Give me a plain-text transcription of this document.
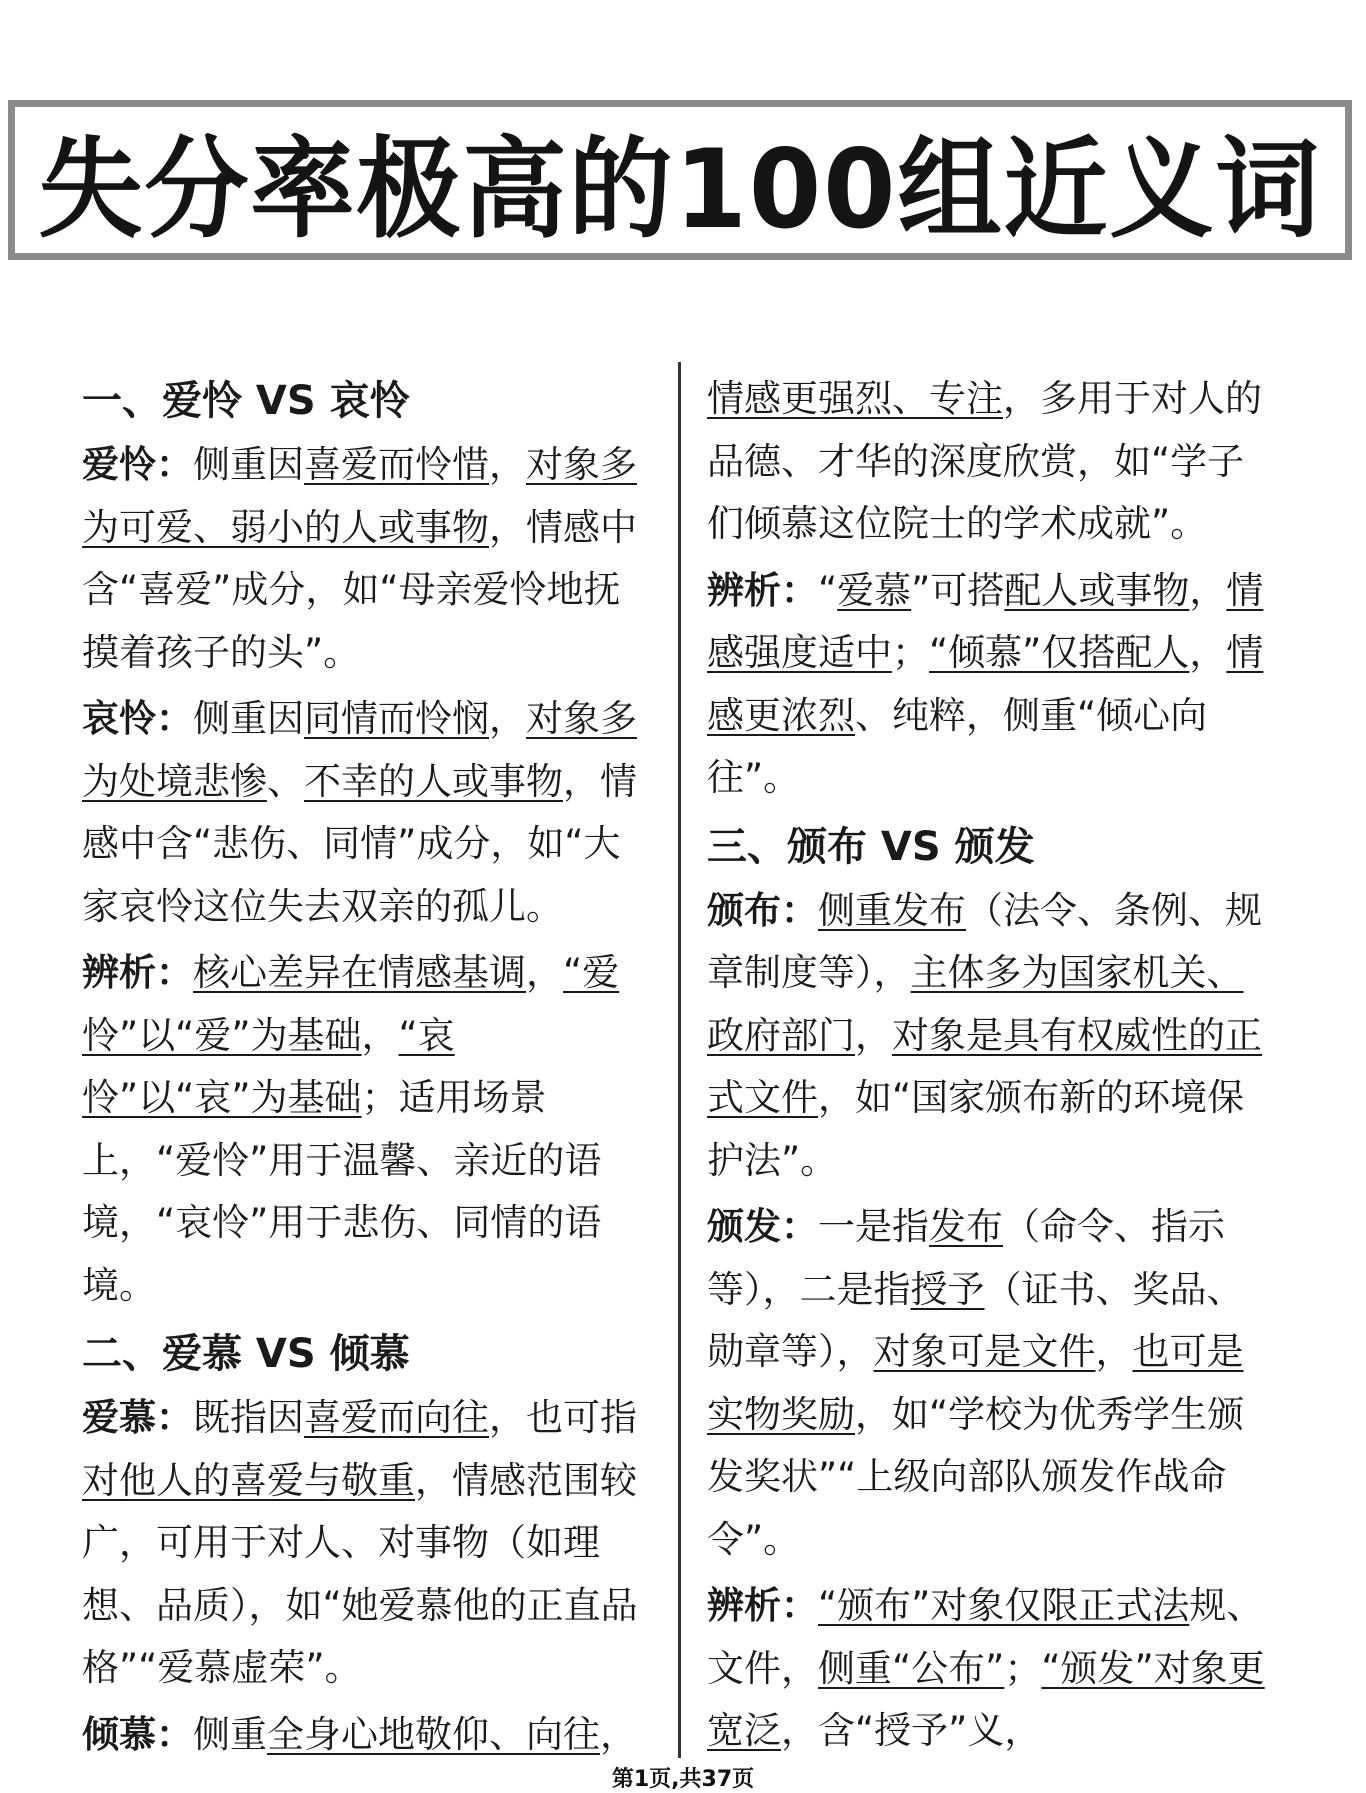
失分率极高的100组近义词
一、爱怜 VS 哀怜

爱怜：侧重因喜爱而怜惜，对象多为可爱、弱小的人或事物，情感中含“喜爱”成分，如“母亲爱怜地抚摸着孩子的头”。

哀怜：侧重因同情而怜悯，对象多为处境悲惨、不幸的人或事物，情感中含“悲伤、同情”成分，如“大家哀怜这位失去双亲的孤儿。

辨析：核心差异在情感基调，“爱怜”以“爱”为基础，“哀怜”以“哀”为基础；适用场景上，“爱怜”用于温馨、亲近的语境，“哀怜”用于悲伤、同情的语境。

二、爱慕 VS 倾慕

爱慕：既指因喜爱而向往，也可指对他人的喜爱与敬重，情感范围较广，可用于对人、对事物（如理想、品质），如“她爱慕他的正直品格”“爱慕虚荣”。

倾慕：侧重全身心地敬仰、向往，

情感更强烈、专注，多用于对人的品德、才华的深度欣赏，如“学子们倾慕这位院士的学术成就”。

辨析：“爱慕”可搭配人或事物，情感强度适中；“倾慕”仅搭配人，情感更浓烈、纯粹，侧重“倾心向往”。

三、颁布 VS 颁发

颁布：侧重发布（法令、条例、规章制度等），主体多为国家机关、政府部门，对象是具有权威性的正式文件，如“国家颁布新的环境保护法”。

颁发：一是指发布（命令、指示等），二是指授予（证书、奖品、勋章等），对象可是文件，也可是实物奖励，如“学校为优秀学生颁发奖状”“上级向部队颁发作战命令”。

辨析：“颁布”对象仅限正式法规、文件，侧重“公布”；“颁发”对象更宽泛，含“授予”义，

第1页,共37页
